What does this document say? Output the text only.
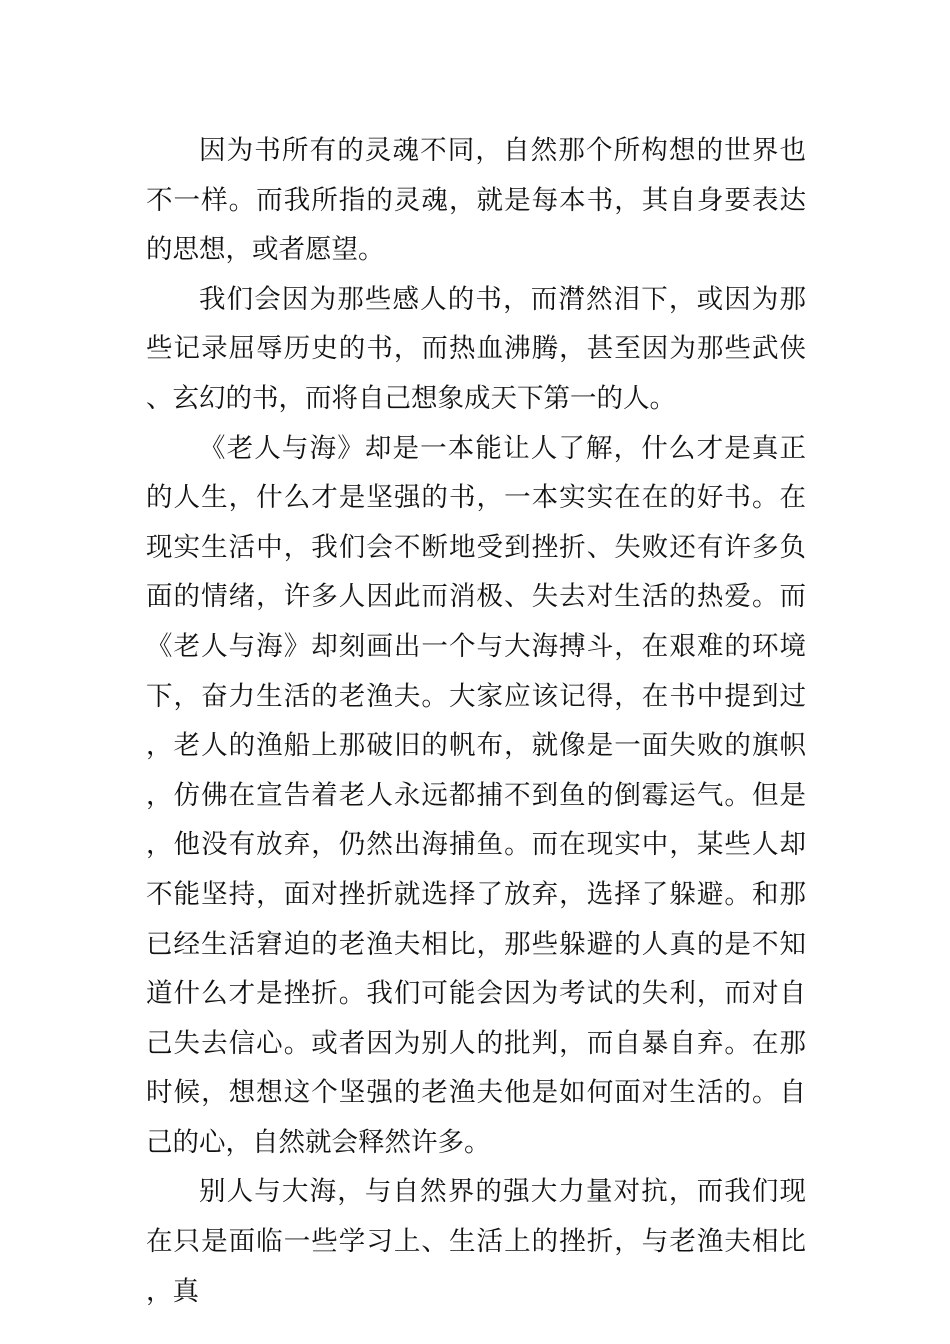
因为书所有的灵魂不同，自然那个所构想的世界也不一样。而我所指的灵魂，就是每本书，其自身要表达的思想，或者愿望。

我们会因为那些感人的书，而潸然泪下，或因为那些记录屈辱历史的书，而热血沸腾，甚至因为那些武侠、玄幻的书，而将自己想象成天下第一的人。

《老人与海》却是一本能让人了解，什么才是真正的人生，什么才是坚强的书，一本实实在在的好书。在现实生活中，我们会不断地受到挫折、失败还有许多负面的情绪，许多人因此而消极、失去对生活的热爱。而《老人与海》却刻画出一个与大海搏斗，在艰难的环境下，奋力生活的老渔夫。大家应该记得，在书中提到过，老人的渔船上那破旧的帆布，就像是一面失败的旗帜，仿佛在宣告着老人永远都捕不到鱼的倒霉运气。但是，他没有放弃，仍然出海捕鱼。而在现实中，某些人却不能坚持，面对挫折就选择了放弃，选择了躲避。和那已经生活窘迫的老渔夫相比，那些躲避的人真的是不知道什么才是挫折。我们可能会因为考试的失利，而对自己失去信心。或者因为别人的批判，而自暴自弃。在那时候，想想这个坚强的老渔夫他是如何面对生活的。自己的心，自然就会释然许多。

别人与大海，与自然界的强大力量对抗，而我们现在只是面临一些学习上、生活上的挫折，与老渔夫相比，真
